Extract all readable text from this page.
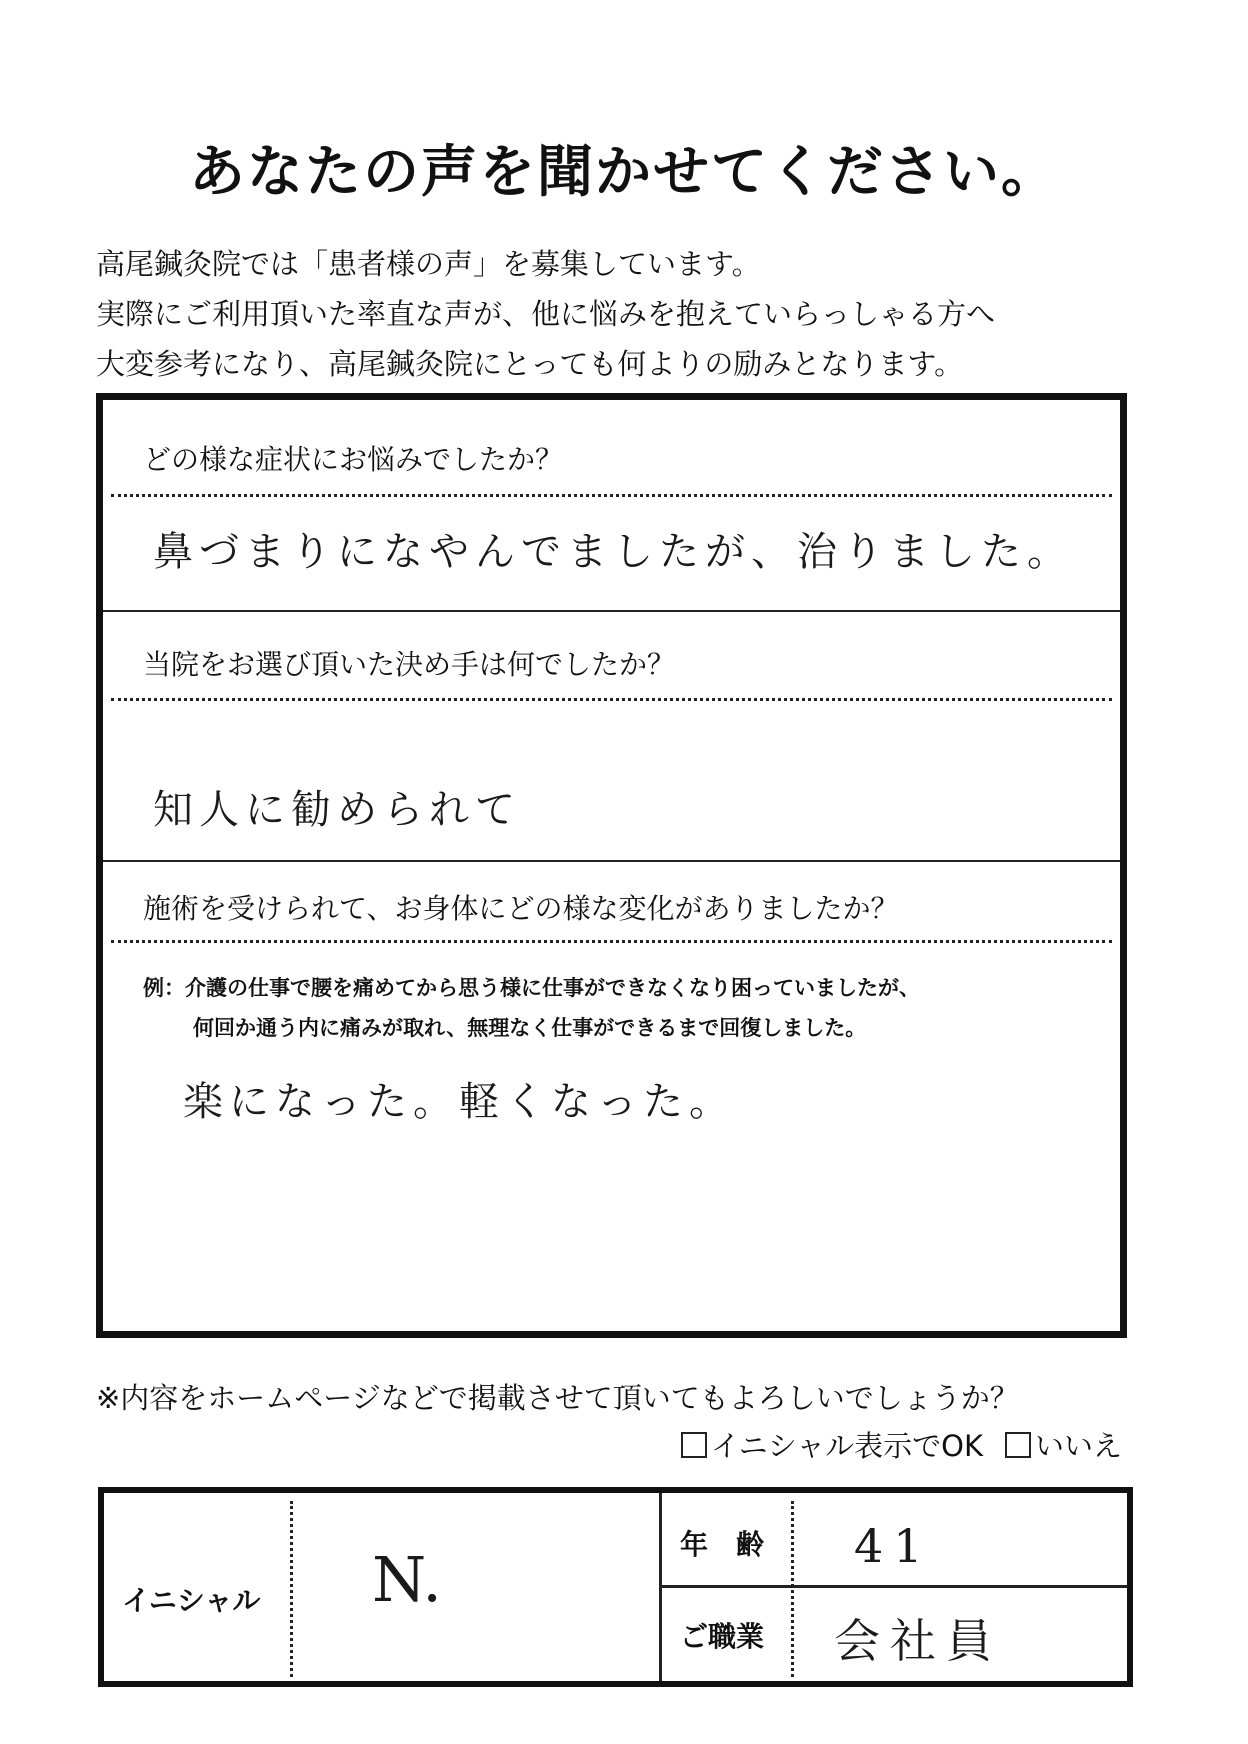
あなたの声を聞かせてください。
高尾鍼灸院では「患者様の声」を募集しています。
実際にご利用頂いた率直な声が、他に悩みを抱えていらっしゃる方へ
大変参考になり、高尾鍼灸院にとっても何よりの励みとなります。
どの様な症状にお悩みでしたか？
鼻づまりになやんでましたが、治りました。
当院をお選び頂いた決め手は何でしたか？
知人に勧められて
施術を受けられて、お身体にどの様な変化がありましたか？
例：介護の仕事で腰を痛めてから思う様に仕事ができなくなり困っていましたが、
何回か通う内に痛みが取れ、無理なく仕事ができるまで回復しました。
楽になった。軽くなった。
※内容をホームページなどで掲載させて頂いてもよろしいでしょうか？
イニシャル表示でOK いいえ
イニシャル N.	年　齢 41
ご職業 会社員
